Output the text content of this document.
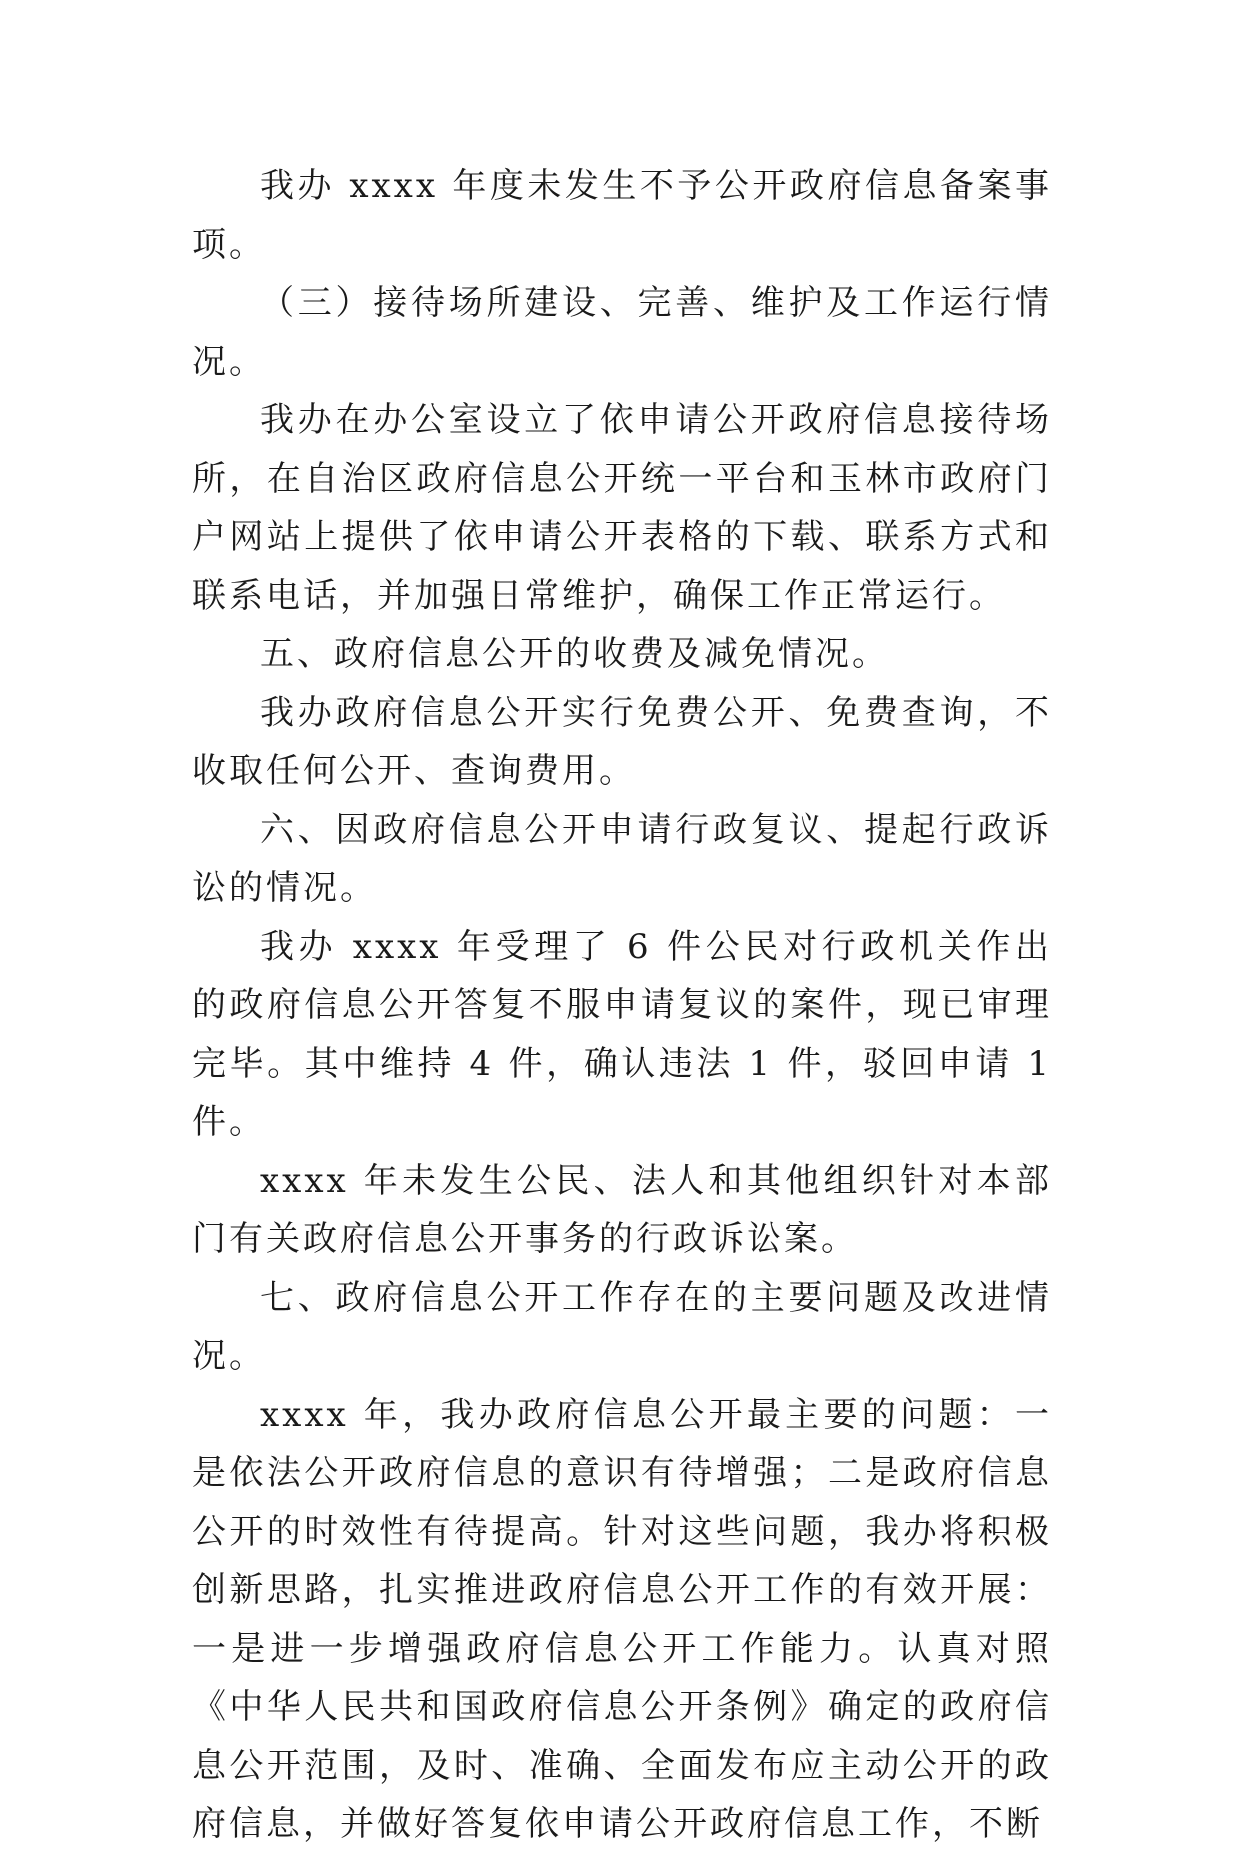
我办 xxxx 年度未发生不予公开政府信息备案事项。

（三）接待场所建设、完善、维护及工作运行情况。

我办在办公室设立了依申请公开政府信息接待场所，在自治区政府信息公开统一平台和玉林市政府门户网站上提供了依申请公开表格的下载、联系方式和联系电话，并加强日常维护，确保工作正常运行。

五、政府信息公开的收费及减免情况。

我办政府信息公开实行免费公开、免费查询，不收取任何公开、查询费用。

六、因政府信息公开申请行政复议、提起行政诉讼的情况。

我办 xxxx 年受理了 6 件公民对行政机关作出的政府信息公开答复不服申请复议的案件，现已审理完毕。其中维持 4 件，确认违法 1 件，驳回申请 1 件。

xxxx 年未发生公民、法人和其他组织针对本部门有关政府信息公开事务的行政诉讼案。

七、政府信息公开工作存在的主要问题及改进情况。

xxxx 年，我办政府信息公开最主要的问题：一是依法公开政府信息的意识有待增强；二是政府信息公开的时效性有待提高。针对这些问题，我办将积极创新思路，扎实推进政府信息公开工作的有效开展：一是进一步增强政府信息公开工作能力。认真对照《中华人民共和国政府信息公开条例》确定的政府信息公开范围，及时、准确、全面发布应主动公开的政府信息，并做好答复依申请公开政府信息工作，不断
